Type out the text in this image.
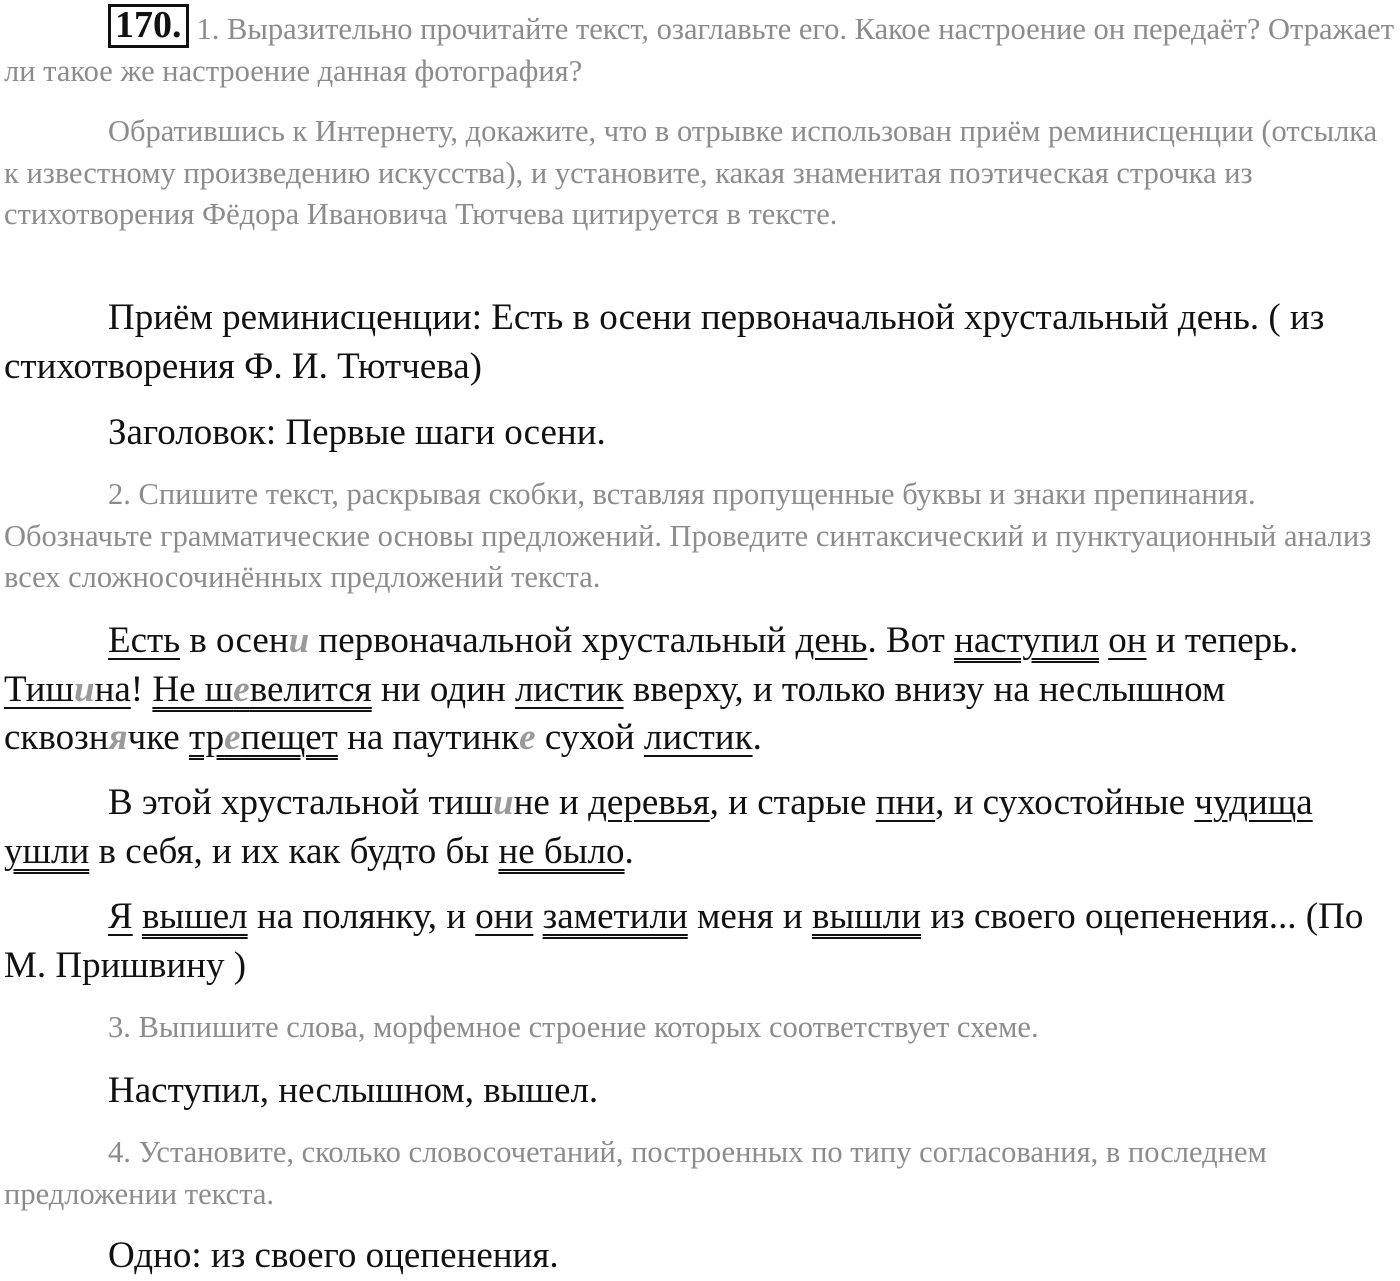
170. 1. Выразительно прочитайте текст, озаглавьте его. Какое настроение он передаёт? Отражает ли такое же настроение данная фотография?

Обратившись к Интернету, докажите, что в отрывке использован приём реминисценции (отсылка к известному произведению искусства), и установите, какая знаменитая поэтическая строчка из стихотворения Фёдора Ивановича Тютчева цитируется в тексте.

Приём реминисценции: Есть в осени первоначальной хрустальный день. ( из стихотворения Ф. И. Тютчева)

Заголовок: Первые шаги осени.

2. Спишите текст, раскрывая скобки, вставляя пропущенные буквы и знаки препинания. Обозначьте грамматические основы предложений. Проведите синтаксический и пунктуационный анализ всех сложносочинённых предложений текста.

Есть в осени первоначальной хрустальный день. Вот наступил он и теперь. Тишина! Не шевелится ни один листик вверху, и только внизу на неслышном сквознячке трепещет на паутинке сухой листик.

В этой хрустальной тишине и деревья, и старые пни, и сухостойные чудища ушли в себя, и их как будто бы не было.

Я вышел на полянку, и они заметили меня и вышли из своего оцепенения... (По М. Пришвину )

3. Выпишите слова, морфемное строение которых соответствует схеме.

Наступил, неслышном, вышел.

4. Установите, сколько словосочетаний, построенных по типу согласования, в последнем предложении текста.

Одно: из своего оцепенения.
